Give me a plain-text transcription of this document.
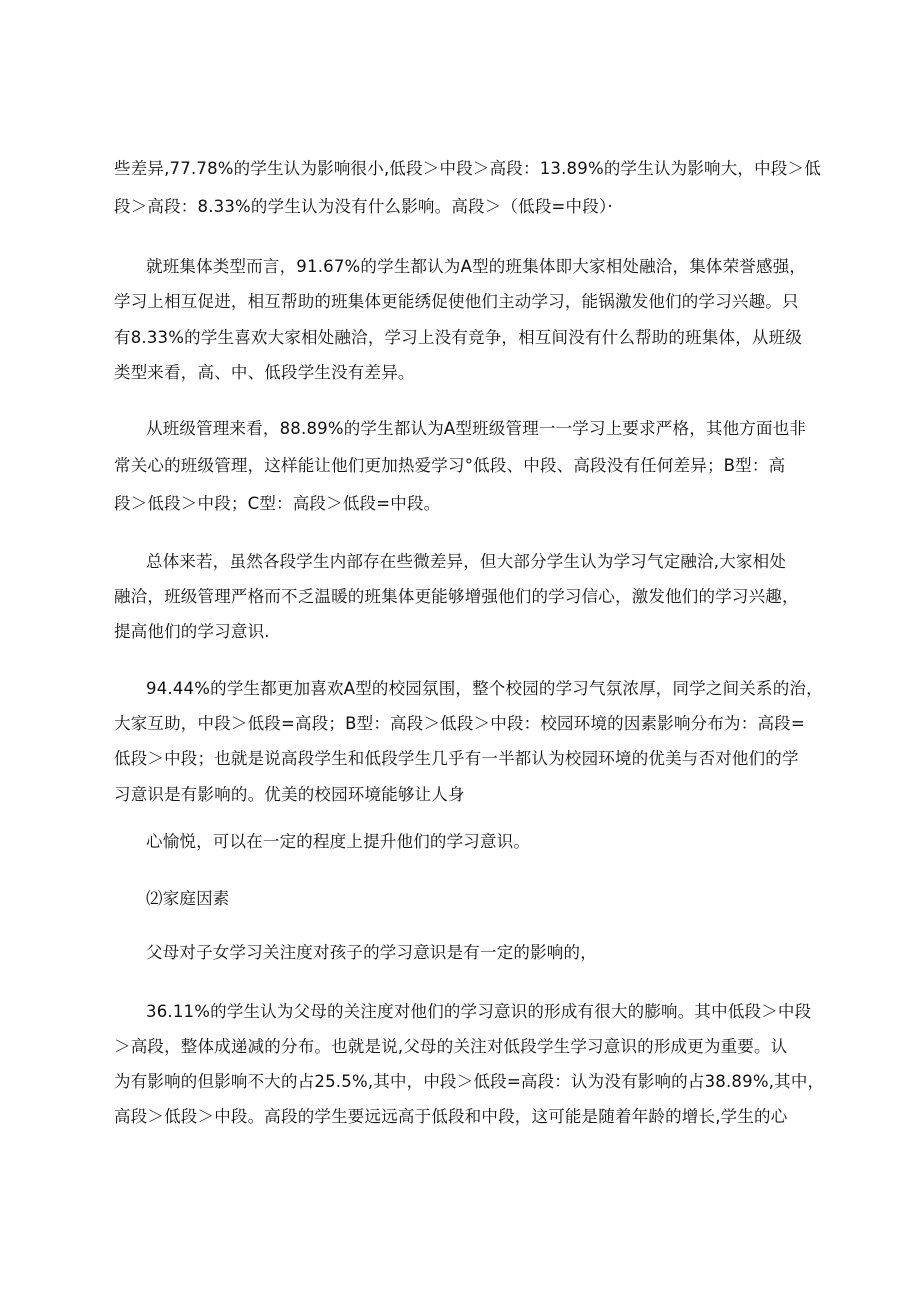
些差异,77.78%的学生认为影响很小,低段＞中段＞高段：13.89%的学生认为影响大，中段＞低
段＞高段：8.33%的学生认为没有什么影响。高段＞（低段=中段）·
就班集体类型而言，91.67%的学生都认为A型的班集体即大家相处融洽，集体荣誉感强，
学习上相互促进，相互帮助的班集体更能绣促使他们主动学习，能锅激发他们的学习兴趣。只
有8.33%的学生喜欢大家相处融洽，学习上没有竞争，相互间没有什么帮助的班集体，从班级
类型来看，高、中、低段学生没有差异。
从班级管理来看，88.89%的学生都认为A型班级管理一一学习上要求严格，其他方面也非
常关心的班级管理，这样能让他们更加热爱学习°低段、中段、高段没有任何差异；B型：高
段＞低段＞中段；C型：高段＞低段=中段。
总体来若，虽然各段学生内部存在些微差异，但大部分学生认为学习气定融洽,大家相处
融洽，班级管理严格而不乏温暖的班集体更能够增强他们的学习信心，激发他们的学习兴趣，
提高他们的学习意识.
94.44%的学生都更加喜欢A型的校园氛围，整个校园的学习气氛浓厚，同学之间关系的治，
大家互助，中段＞低段=高段；B型：高段＞低段＞中段：校园环境的因素影响分布为：高段=
低段＞中段；也就是说高段学生和低段学生几乎有一半都认为校园环境的优美与否对他们的学
习意识是有影响的。优美的校园环境能够让人身
心愉悦，可以在一定的程度上提升他们的学习意识。
⑵家庭因素
父母对子女学习关注度对孩子的学习意识是有一定的影响的，
36.11%的学生认为父母的关注度对他们的学习意识的形成有很大的膨响。其中低段＞中段
＞高段，整体成递减的分布。也就是说,父母的关注对低段学生学习意识的形成更为重要。认
为有影响的但影响不大的占25.5%,其中，中段＞低段=高段：认为没有影响的占38.89%,其中，
高段＞低段＞中段。高段的学生要远远高于低段和中段，这可能是随着年龄的增长,学生的心
